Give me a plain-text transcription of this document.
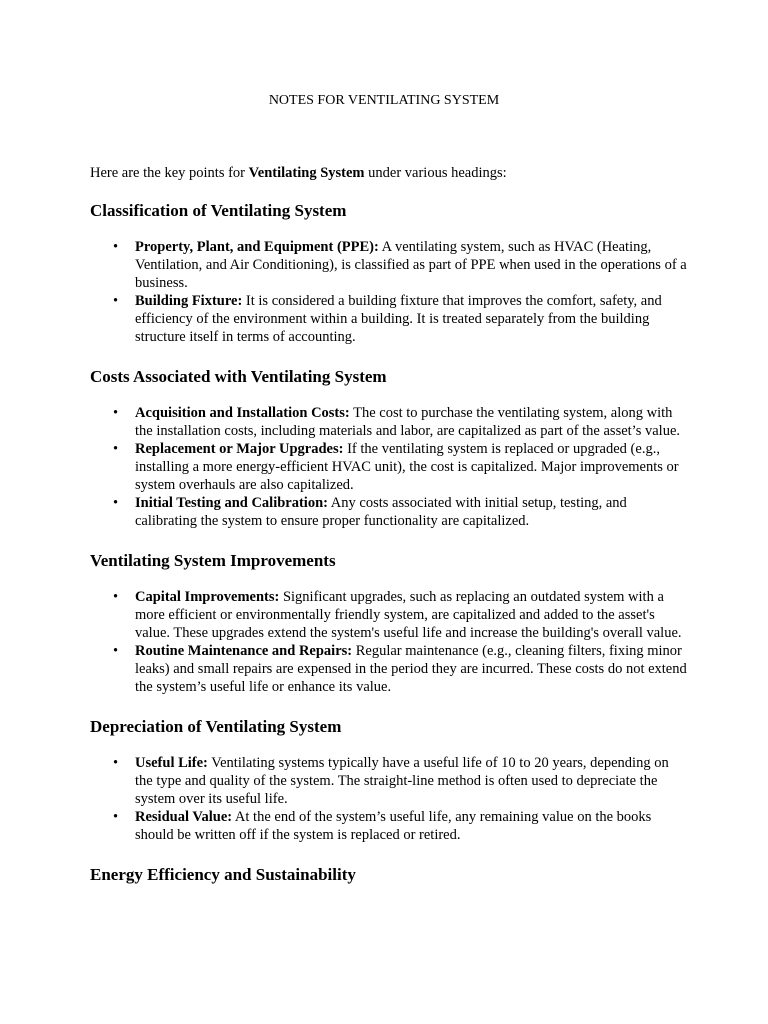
NOTES FOR VENTILATING SYSTEM

Here are the key points for Ventilating System under various headings:

Classification of Ventilating System
• Property, Plant, and Equipment (PPE): A ventilating system, such as HVAC (Heating, Ventilation, and Air Conditioning), is classified as part of PPE when used in the operations of a business.
• Building Fixture: It is considered a building fixture that improves the comfort, safety, and efficiency of the environment within a building. It is treated separately from the building structure itself in terms of accounting.
Costs Associated with Ventilating System
• Acquisition and Installation Costs: The cost to purchase the ventilating system, along with the installation costs, including materials and labor, are capitalized as part of the asset’s value.
• Replacement or Major Upgrades: If the ventilating system is replaced or upgraded (e.g., installing a more energy-efficient HVAC unit), the cost is capitalized. Major improvements or system overhauls are also capitalized.
• Initial Testing and Calibration: Any costs associated with initial setup, testing, and calibrating the system to ensure proper functionality are capitalized.
Ventilating System Improvements
• Capital Improvements: Significant upgrades, such as replacing an outdated system with a more efficient or environmentally friendly system, are capitalized and added to the asset's value. These upgrades extend the system's useful life and increase the building's overall value.
• Routine Maintenance and Repairs: Regular maintenance (e.g., cleaning filters, fixing minor leaks) and small repairs are expensed in the period they are incurred. These costs do not extend the system’s useful life or enhance its value.
Depreciation of Ventilating System
• Useful Life: Ventilating systems typically have a useful life of 10 to 20 years, depending on the type and quality of the system. The straight-line method is often used to depreciate the system over its useful life.
• Residual Value: At the end of the system’s useful life, any remaining value on the books should be written off if the system is replaced or retired.
Energy Efficiency and Sustainability
